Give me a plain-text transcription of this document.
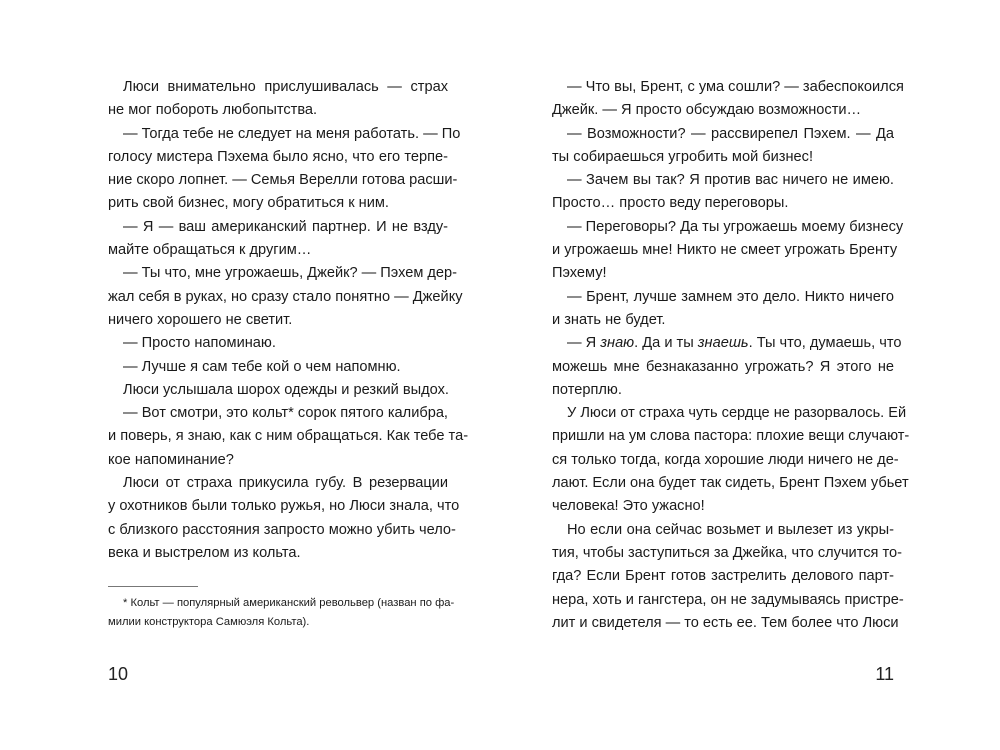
Люси внимательно прислушивалась — страх
не мог побороть любопытства.
— Тогда тебе не следует на меня работать. — По
голосу мистера Пэхема было ясно, что его терпе-
ние скоро лопнет. — Семья Верелли готова расши-
рить свой бизнес, могу обратиться к ним.
— Я — ваш американский партнер. И не взду-
майте обращаться к другим…
— Ты что, мне угрожаешь, Джейк? — Пэхем дер-
жал себя в руках, но сразу стало понятно — Джейку
ничего хорошего не светит.
— Просто напоминаю.
— Лучше я сам тебе кой о чем напомню.
Люси услышала шорох одежды и резкий выдох.
— Вот смотри, это кольт* сорок пятого калибра,
и поверь, я знаю, как с ним обращаться. Как тебе та-
кое напоминание?
Люси от страха прикусила губу. В резервации
у охотников были только ружья, но Люси знала, что
с близкого расстояния запросто можно убить чело-
века и выстрелом из кольта.
* Кольт — популярный американский револьвер (назван по фа-
милии конструктора Самюэля Кольта).
10
— Что вы, Брент, с ума сошли? — забеспокоился
Джейк. — Я просто обсуждаю возможности…
— Возможности? — рассвирепел Пэхем. — Да
ты собираешься угробить мой бизнес!
— Зачем вы так? Я против вас ничего не имею.
Просто… просто веду переговоры.
— Переговоры? Да ты угрожаешь моему бизнесу
и угрожаешь мне! Никто не смеет угрожать Бренту
Пэхему!
— Брент, лучше замнем это дело. Никто ничего
и знать не будет.
— Я знаю. Да и ты знаешь. Ты что, думаешь, что
можешь мне безнаказанно угрожать? Я этого не
потерплю.
У Люси от страха чуть сердце не разорвалось. Ей
пришли на ум слова пастора: плохие вещи случают-
ся только тогда, когда хорошие люди ничего не де-
лают. Если она будет так сидеть, Брент Пэхем убьет
человека! Это ужасно!
Но если она сейчас возьмет и вылезет из укры-
тия, чтобы заступиться за Джейка, что случится то-
гда? Если Брент готов застрелить делового парт-
нера, хоть и гангстера, он не задумываясь пристре-
лит и свидетеля — то есть ее. Тем более что Люси
11
